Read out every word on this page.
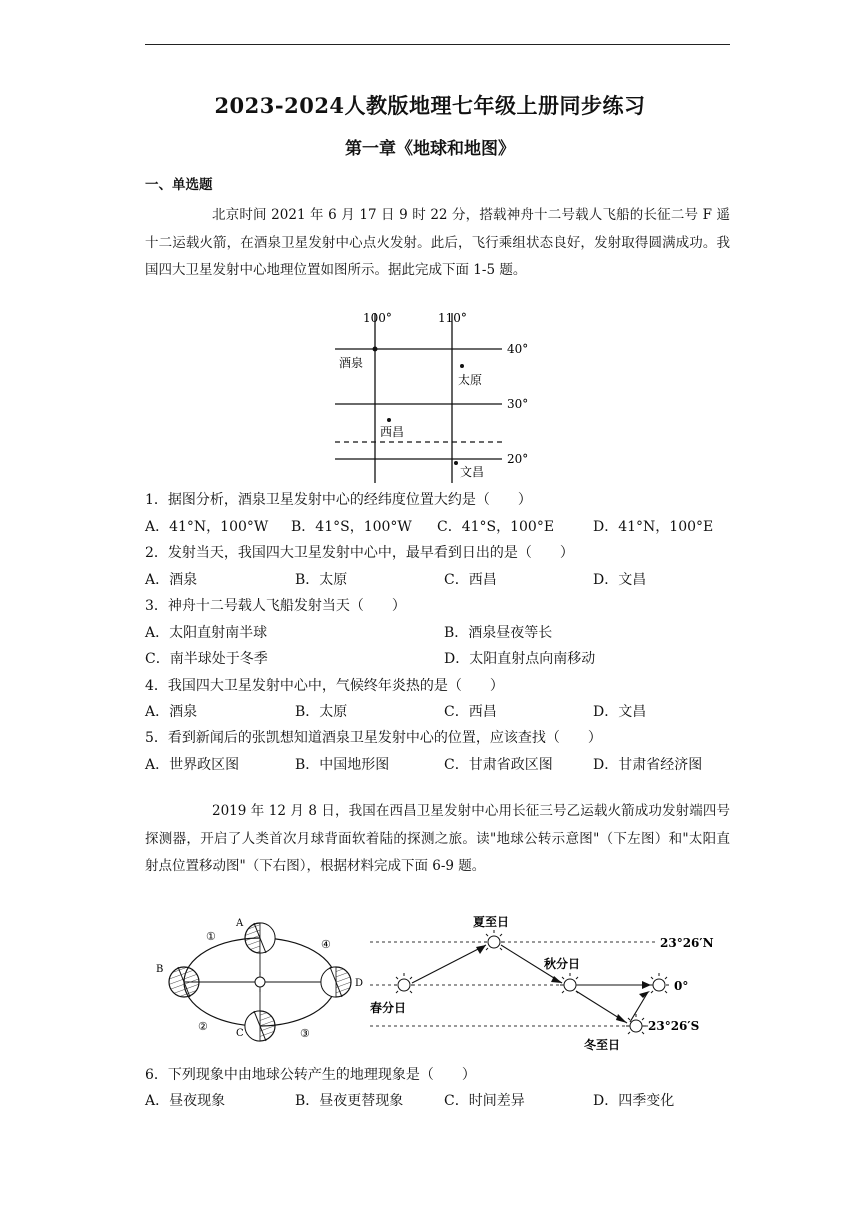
2023-2024人教版地理七年级上册同步练习
第一章《地球和地图》
一、单选题
北京时间 2021 年 6 月 17 日 9 时 22 分，搭载神舟十二号载人飞船的长征二号 F 遥十二运载火箭，在酒泉卫星发射中心点火发射。此后，飞行乘组状态良好，发射取得圆满成功。我国四大卫星发射中心地理位置如图所示。据此完成下面 1-5 题。
100°	110°
40°
30°
20°
酒泉
太原
西昌
文昌
1．据图分析，酒泉卫星发射中心的经纬度位置大约是（　　）
A．41°N，100°W B．41°S，100°W C．41°S，100°E	D．41°N，100°E
2．发射当天，我国四大卫星发射中心中，最早看到日出的是（　　）
A．酒泉	B．太原	C．西昌	D．文昌
3．神舟十二号载人飞船发射当天（　　）
A．太阳直射南半球	B．酒泉昼夜等长
C．南半球处于冬季	D．太阳直射点向南移动
4．我国四大卫星发射中心中，气候终年炎热的是（　　）
A．酒泉	B．太原	C．西昌	D．文昌
5．看到新闻后的张凯想知道酒泉卫星发射中心的位置，应该查找（　　）
A．世界政区图	B．中国地形图	C．甘肃省政区图	D．甘肃省经济图
2019 年 12 月 8 日，我国在西昌卫星发射中心用长征三号乙运载火箭成功发射端四号探测器，开启了人类首次月球背面软着陆的探测之旅。读"地球公转示意图"（下左图）和"太阳直射点位置移动图"（下右图），根据材料完成下面 6-9 题。
A
B
C
D
①
②
③
④
夏至日
秋分日
春分日
冬至日
23°26′N
0°
23°26′S
6．下列现象中由地球公转产生的地理现象是（　　）
A．昼夜现象	B．昼夜更替现象	C．时间差异	D．四季变化
